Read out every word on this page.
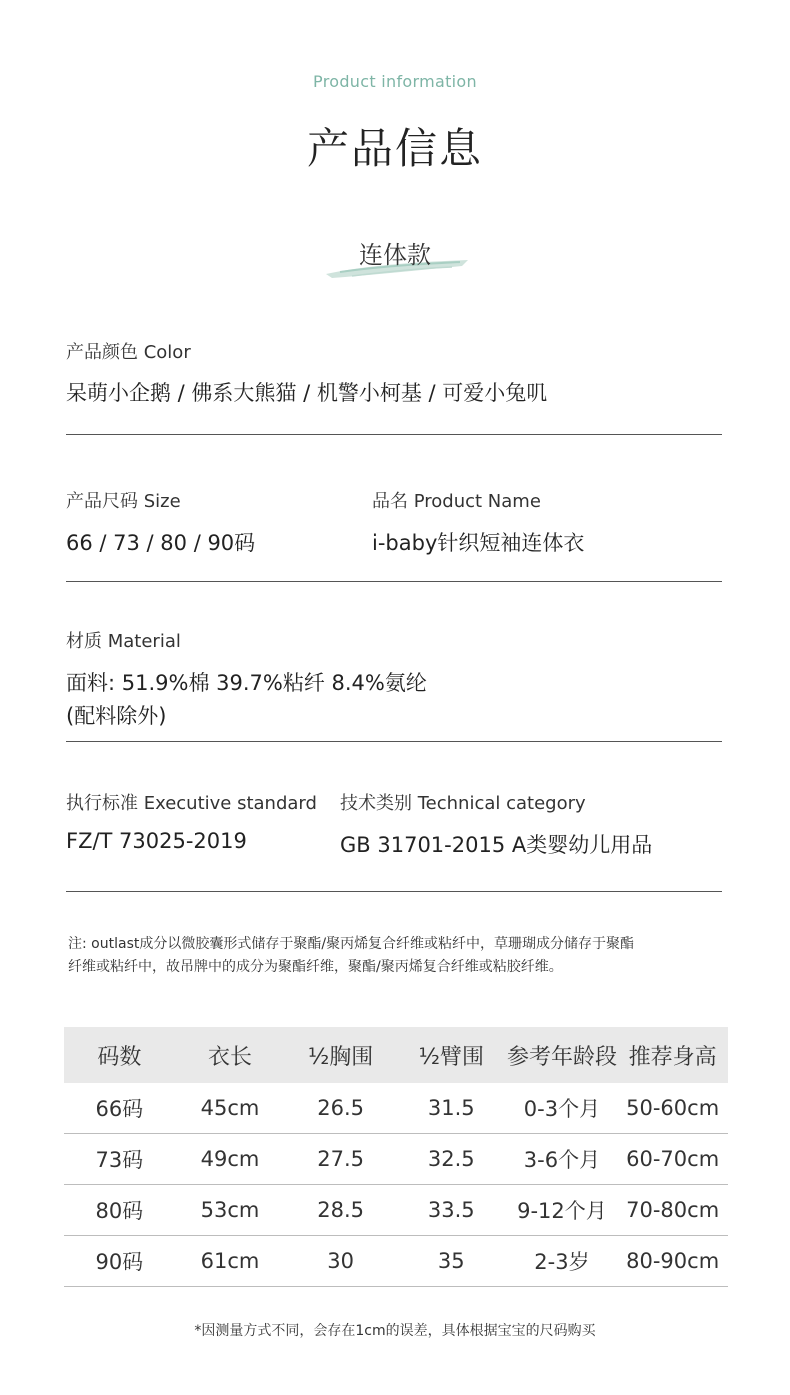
Product information
产品信息
连体款
产品颜色 Color
呆萌小企鹅 / 佛系大熊猫 / 机警小柯基 / 可爱小兔叽
产品尺码 Size
66 / 73 / 80 / 90码
品名 Product Name
i-baby针织短袖连体衣
材质 Material
面料: 51.9%棉 39.7%粘纤 8.4%氨纶
(配料除外)
执行标准 Executive standard
FZ/T 73025-2019
技术类别 Technical category
GB 31701-2015 A类婴幼儿用品
注: outlast成分以微胶囊形式储存于聚酯/聚丙烯复合纤维或粘纤中，草珊瑚成分储存于聚酯
纤维或粘纤中，故吊牌中的成分为聚酯纤维，聚酯/聚丙烯复合纤维或粘胶纤维。
码数	衣长	½胸围	½臂围	参考年龄段	推荐身高
66码	45cm	26.5	31.5	0-3个月	50-60cm
73码	49cm	27.5	32.5	3-6个月	60-70cm
80码	53cm	28.5	33.5	9-12个月	70-80cm
90码	61cm	30	35	2-3岁	80-90cm
*因测量方式不同，会存在1cm的误差，具体根据宝宝的尺码购买
